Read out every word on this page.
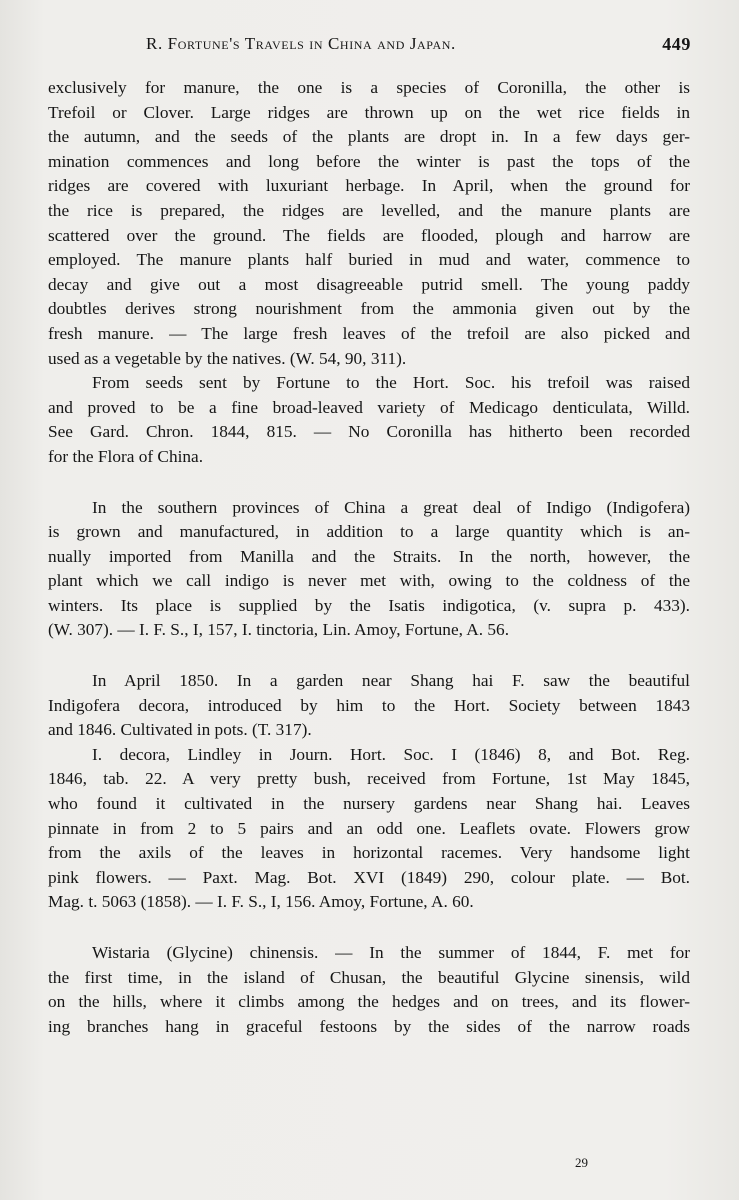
R. Fortune's Travels in China and Japan.	449

exclusively for manure, the one is a species of Coronilla, the other is
Trefoil or Clover. Large ridges are thrown up on the wet rice fields in
the autumn, and the seeds of the plants are dropt in. In a few days ger-
mination commences and long before the winter is past the tops of the
ridges are covered with luxuriant herbage. In April, when the ground for
the rice is prepared, the ridges are levelled, and the manure plants are
scattered over the ground. The fields are flooded, plough and harrow are
employed. The manure plants half buried in mud and water, commence to
decay and give out a most disagreeable putrid smell. The young paddy
doubtles derives strong nourishment from the ammonia given out by the
fresh manure. — The large fresh leaves of the trefoil are also picked and
used as a vegetable by the natives. (W. 54, 90, 311).

From seeds sent by Fortune to the Hort. Soc. his trefoil was raised
and proved to be a fine broad-leaved variety of Medicago denticulata, Willd.
See Gard. Chron. 1844, 815. — No Coronilla has hitherto been recorded
for the Flora of China.

In the southern provinces of China a great deal of Indigo (Indigofera)
is grown and manufactured, in addition to a large quantity which is an-
nually imported from Manilla and the Straits. In the north, however, the
plant which we call indigo is never met with, owing to the coldness of the
winters. Its place is supplied by the Isatis indigotica, (v. supra p. 433).
(W. 307). — I. F. S., I, 157, I. tinctoria, Lin. Amoy, Fortune, A. 56.

In April 1850. In a garden near Shang hai F. saw the beautiful
Indigofera decora, introduced by him to the Hort. Society between 1843
and 1846. Cultivated in pots. (T. 317).

I. decora, Lindley in Journ. Hort. Soc. I (1846) 8, and Bot. Reg.
1846, tab. 22. A very pretty bush, received from Fortune, 1st May 1845,
who found it cultivated in the nursery gardens near Shang hai. Leaves
pinnate in from 2 to 5 pairs and an odd one. Leaflets ovate. Flowers grow
from the axils of the leaves in horizontal racemes. Very handsome light
pink flowers. — Paxt. Mag. Bot. XVI (1849) 290, colour plate. — Bot.
Mag. t. 5063 (1858). — I. F. S., I, 156. Amoy, Fortune, A. 60.

Wistaria (Glycine) chinensis. — In the summer of 1844, F. met for
the first time, in the island of Chusan, the beautiful Glycine sinensis, wild
on the hills, where it climbs among the hedges and on trees, and its flower-
ing branches hang in graceful festoons by the sides of the narrow roads

29
